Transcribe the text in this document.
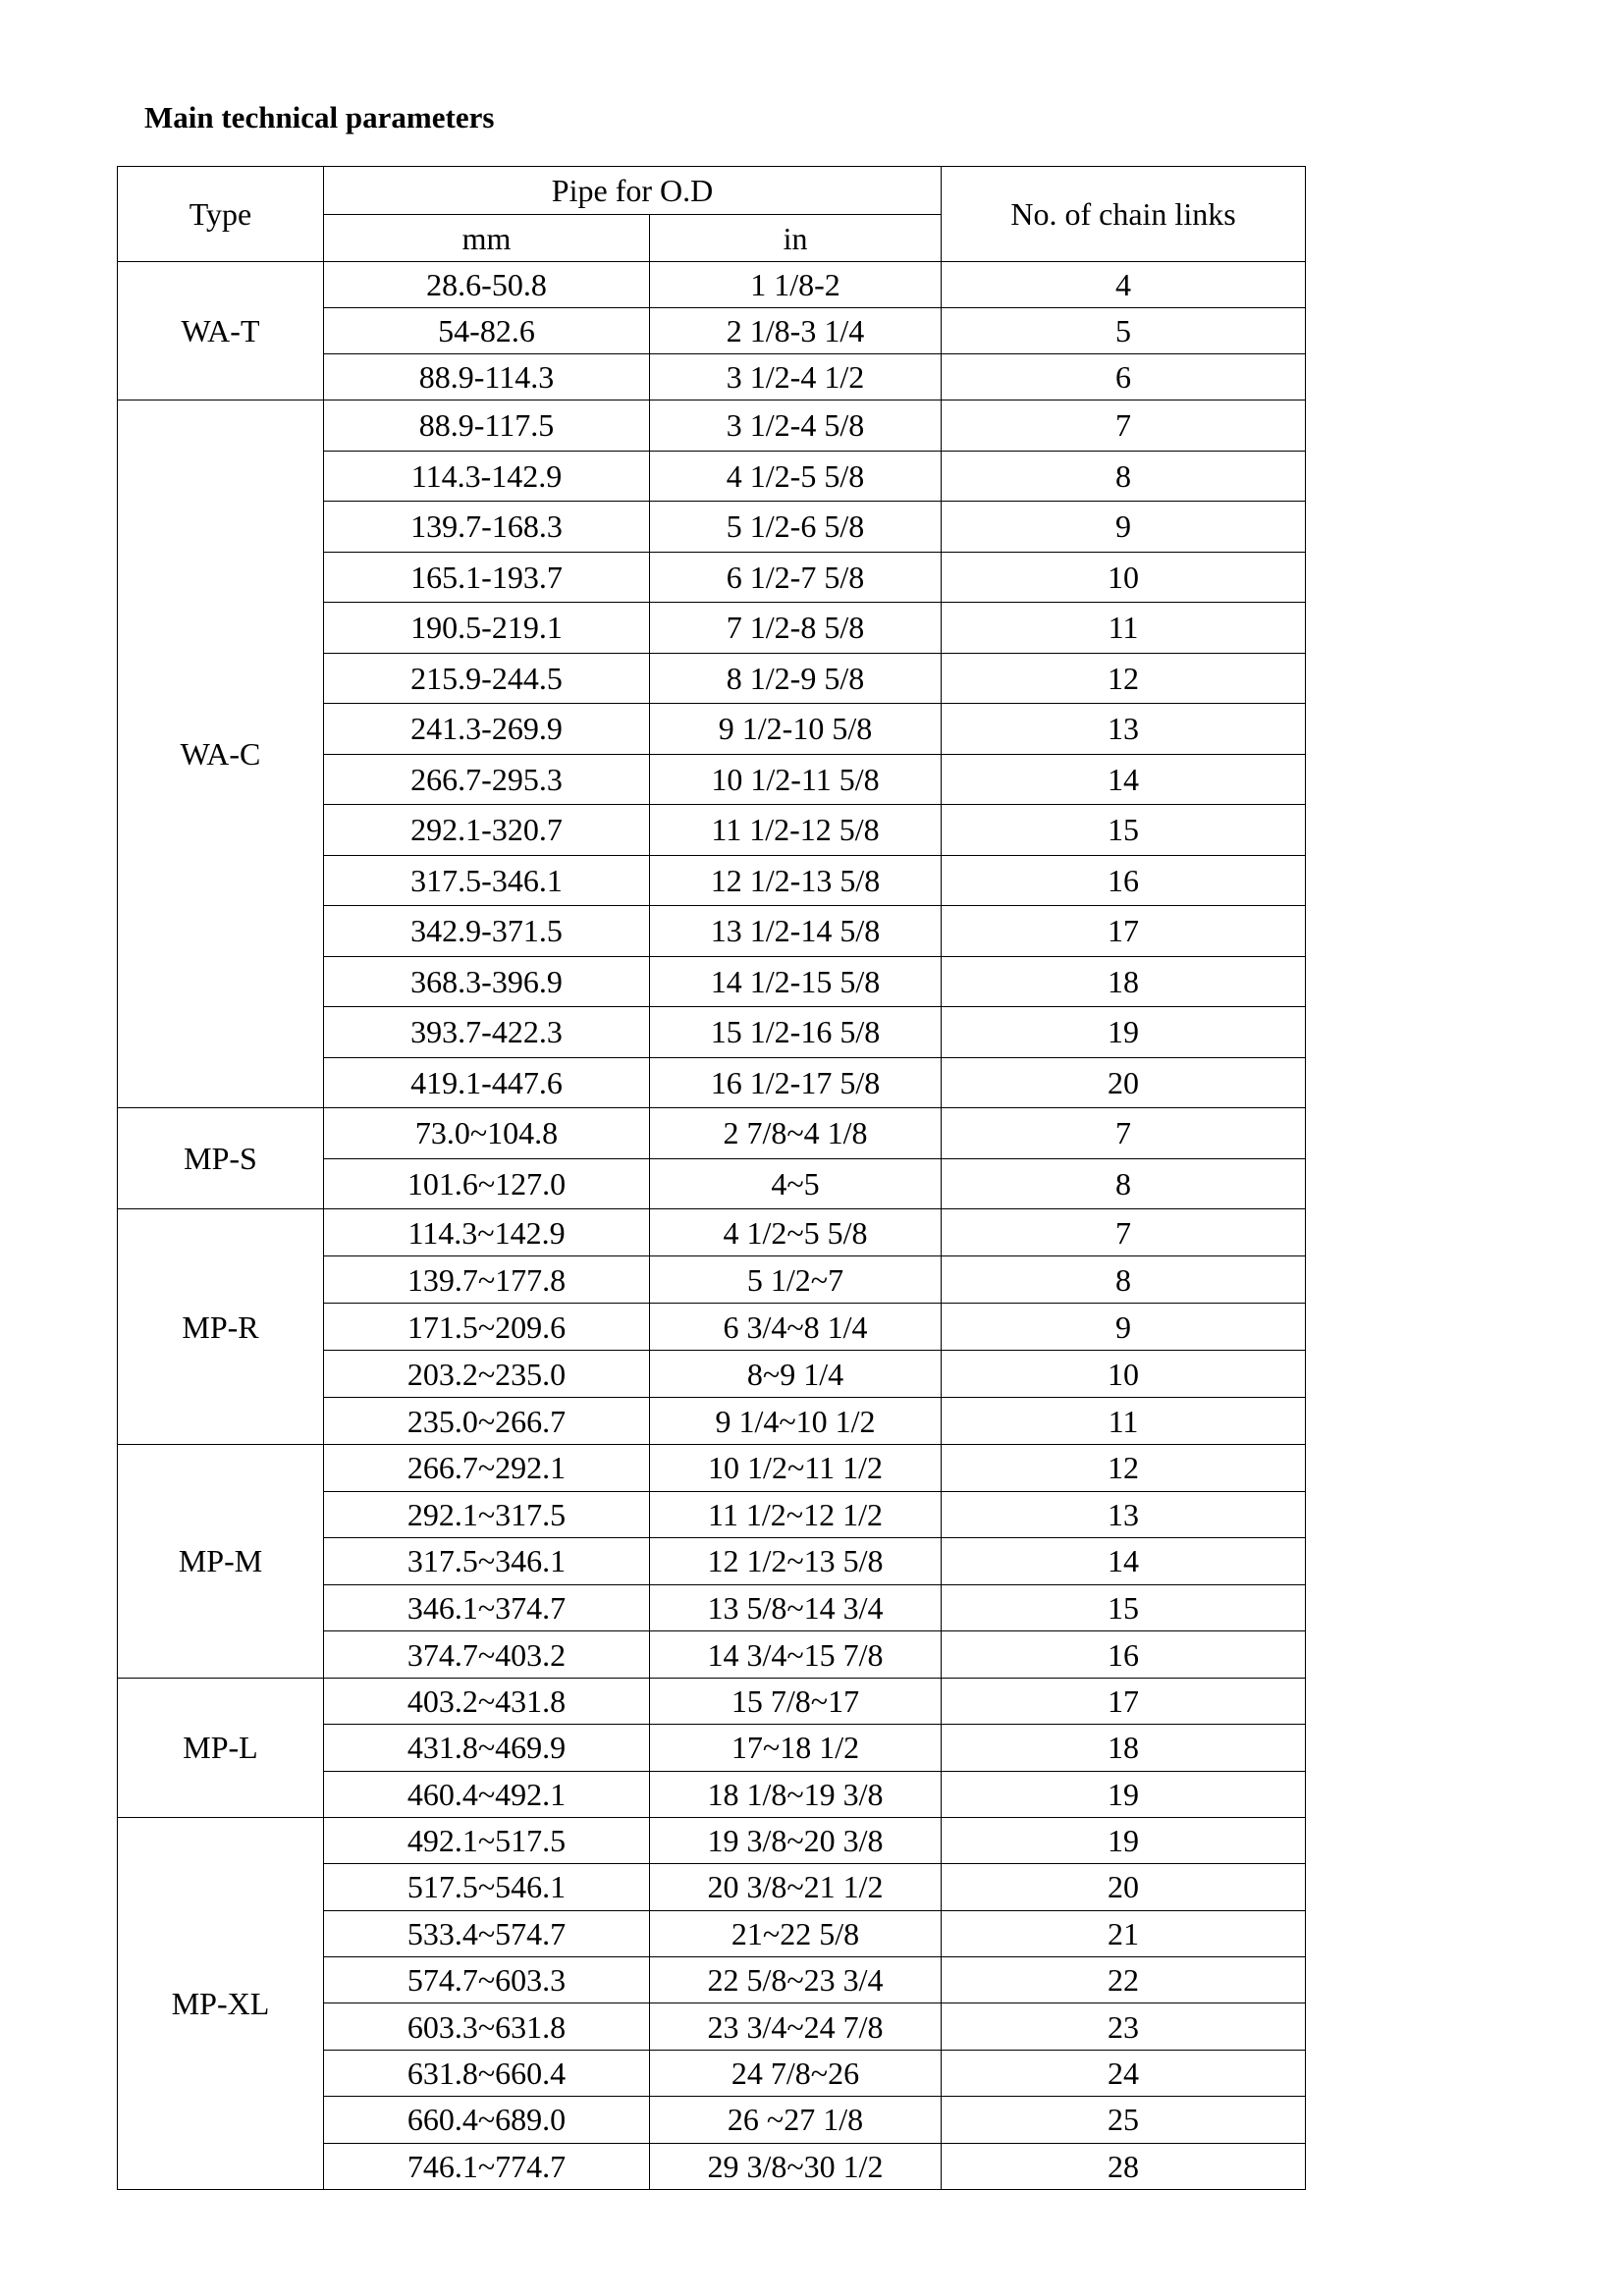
Main technical parameters
Type	Pipe for O.D		No. of chain links
	mm	in	
WA-T	28.6-50.8	1 1/8-2	4
	54-82.6	2 1/8-3 1/4	5
	88.9-114.3	3 1/2-4 1/2	6
WA-C	88.9-117.5	3 1/2-4 5/8	7
	114.3-142.9	4 1/2-5 5/8	8
	139.7-168.3	5 1/2-6 5/8	9
	165.1-193.7	6 1/2-7 5/8	10
	190.5-219.1	7 1/2-8 5/8	11
	215.9-244.5	8 1/2-9 5/8	12
	241.3-269.9	9 1/2-10 5/8	13
	266.7-295.3	10 1/2-11 5/8	14
	292.1-320.7	11 1/2-12 5/8	15
	317.5-346.1	12 1/2-13 5/8	16
	342.9-371.5	13 1/2-14 5/8	17
	368.3-396.9	14 1/2-15 5/8	18
	393.7-422.3	15 1/2-16 5/8	19
	419.1-447.6	16 1/2-17 5/8	20
MP-S	73.0~104.8	2 7/8~4 1/8	7
	101.6~127.0	4~5	8
MP-R	114.3~142.9	4 1/2~5 5/8	7
	139.7~177.8	5 1/2~7	8
	171.5~209.6	6 3/4~8 1/4	9
	203.2~235.0	8~9 1/4	10
	235.0~266.7	9 1/4~10 1/2	11
MP-M	266.7~292.1	10 1/2~11 1/2	12
	292.1~317.5	11 1/2~12 1/2	13
	317.5~346.1	12 1/2~13 5/8	14
	346.1~374.7	13 5/8~14 3/4	15
	374.7~403.2	14 3/4~15 7/8	16
MP-L	403.2~431.8	15 7/8~17	17
	431.8~469.9	17~18 1/2	18
	460.4~492.1	18 1/8~19 3/8	19
MP-XL	492.1~517.5	19 3/8~20 3/8	19
	517.5~546.1	20 3/8~21 1/2	20
	533.4~574.7	21~22 5/8	21
	574.7~603.3	22 5/8~23 3/4	22
	603.3~631.8	23 3/4~24 7/8	23
	631.8~660.4	24 7/8~26	24
	660.4~689.0	26 ~27 1/8	25
	746.1~774.7	29 3/8~30 1/2	28
